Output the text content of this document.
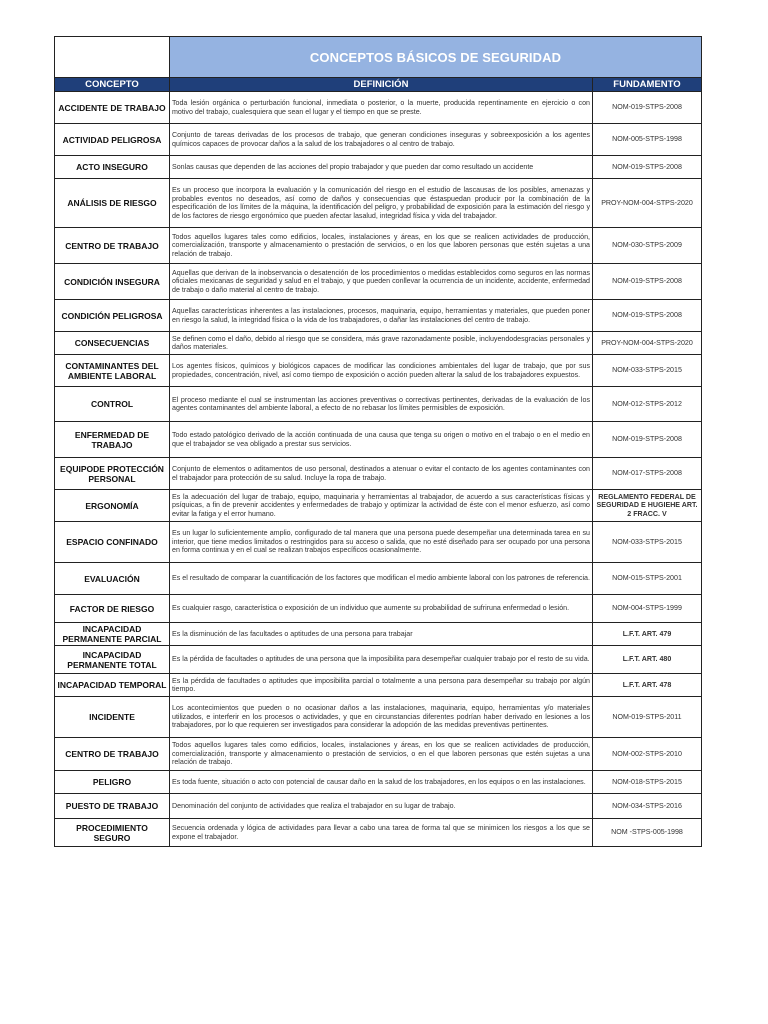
	CONCEPTOS BÁSICOS DE SEGURIDAD	
CONCEPTO	DEFINICIÓN	FUNDAMENTO
ACCIDENTE DE TRABAJO	Toda lesión orgánica o perturbación funcional, inmediata o posterior, o la muerte, producida repentinamente en ejercicio o con motivo del trabajo, cualesquiera que sean el lugar y el tiempo en que se preste.	NOM-019-STPS-2008
ACTIVIDAD PELIGROSA	Conjunto de tareas derivadas de los procesos de trabajo, que generan condiciones inseguras y sobreexposición a los agentes químicos capaces de provocar daños a la salud de los trabajadores o al centro de trabajo.	NOM-005-STPS-1998
ACTO INSEGURO	Sonlas causas que dependen de las acciones del propio trabajador y que pueden dar como resultado un accidente	NOM-019-STPS-2008
ANÁLISIS DE RIESGO	Es un proceso que incorpora la evaluación y la comunicación del riesgo en el estudio de lascausas de los posibles, amenazas y probables eventos no deseados, así como de daños y consecuencias que éstaspuedan producir por la combinación de la especificación de los límites de la máquina, la identificación del peligro, y probabilidad de exposición para la estimación del riesgo y de los factores de riesgo ergonómico que pueden afectar lasalud, integridad física y vida del trabajador.	PROY-NOM-004-STPS-2020
CENTRO DE TRABAJO	Todos aquellos lugares tales como edificios, locales, instalaciones y áreas, en los que se realicen actividades de producción, comercialización, transporte y almacenamiento o prestación de servicios, o en los que laboren personas que estén sujetas a una relación de trabajo.	NOM-030-STPS-2009
CONDICIÓN INSEGURA	Aquellas que derivan de la inobservancia o desatención de los procedimientos o medidas establecidos como seguros en las normas oficiales mexicanas de seguridad y salud en el trabajo, y que pueden conllevar la ocurrencia de un incidente, accidente, enfermedad de trabajo o daño material al centro de trabajo.	NOM-019-STPS-2008
CONDICIÓN PELIGROSA	Aquellas características inherentes a las instalaciones, procesos, maquinaria, equipo, herramientas y materiales, que pueden poner en riesgo la salud, la integridad física o la vida de los trabajadores, o dañar las instalaciones del centro de trabajo.	NOM-019-STPS-2008
CONSECUENCIAS	Se definen como el daño, debido al riesgo que se considera, más grave razonadamente posible, incluyendodesgracias personales y daños materiales.	PROY-NOM-004-STPS-2020
CONTAMINANTES DEL AMBIENTE LABORAL	Los agentes físicos, químicos y biológicos capaces de modificar las condiciones ambientales del lugar de trabajo, que por sus propiedades, concentración, nivel, así como tiempo de exposición o acción pueden alterar la salud de los trabajadores expuestos.	NOM-033-STPS-2015
CONTROL	El proceso mediante el cual se instrumentan las acciones preventivas o correctivas pertinentes, derivadas de la evaluación de los agentes contaminantes del ambiente laboral, a efecto de no rebasar los límites permisibles de exposición.	NOM-012-STPS-2012
ENFERMEDAD DE TRABAJO	Todo estado patológico derivado de la acción continuada de una causa que tenga su origen o motivo en el trabajo o en el medio en que el trabajador se vea obligado a prestar sus servicios.	NOM-019-STPS-2008
EQUIPODE PROTECCIÓN PERSONAL	Conjunto de elementos o aditamentos de uso personal, destinados a atenuar o evitar el contacto de los agentes contaminantes con el trabajador para protección de su salud. Incluye la ropa de trabajo.	NOM-017-STPS-2008
ERGONOMÍA	Es la adecuación del lugar de trabajo, equipo, maquinaria y herramientas al trabajador, de acuerdo a sus características físicas y psíquicas, a fin de prevenir accidentes y enfermedades de trabajo y optimizar la actividad de éste con el menor esfuerzo, así como evitar la fatiga y el error humano.	REGLAMENTO FEDERAL DE SEGURIDAD E HUGIEHE ART. 2 FRACC. V
ESPACIO CONFINADO	Es un lugar lo suficientemente amplio, configurado de tal manera que una persona puede desempeñar una determinada tarea en su interior, que tiene medios limitados o restringidos para su acceso o salida, que no esté diseñado para ser ocupado por una persona en forma continua y en el cual se realizan trabajos específicos ocasionalmente.	NOM-033-STPS-2015
EVALUACIÓN	Es el resultado de comparar la cuantificación de los factores que modifican el medio ambiente laboral con los patrones de referencia.	NOM-015-STPS-2001
FACTOR DE RIESGO	Es cualquier rasgo, característica o exposición de un individuo que aumente su probabilidad de sufriruna enfermedad o lesión.	NOM-004-STPS-1999
INCAPACIDAD PERMANENTE PARCIAL	Es la disminución de las facultades o aptitudes de una persona para trabajar	L.F.T. ART. 479
INCAPACIDAD PERMANENTE TOTAL	Es la pérdida de facultades o aptitudes de una persona que la imposibilita para desempeñar cualquier trabajo por el resto de su vida.	L.F.T. ART. 480
INCAPACIDAD TEMPORAL	Es la pérdida de facultades o aptitudes que imposibilita parcial o totalmente a una persona para desempeñar su trabajo por algún tiempo.	L.F.T. ART. 478
INCIDENTE	Los acontecimientos que pueden o no ocasionar daños a las instalaciones, maquinaria, equipo, herramientas y/o materiales utilizados, e interferir en los procesos o actividades, y que en circunstancias diferentes podrían haber derivado en lesiones a los trabajadores, por lo que requieren ser investigados para considerar la adopción de las medidas preventivas pertinentes.	NOM-019-STPS-2011
CENTRO DE TRABAJO	Todos aquellos lugares tales como edificios, locales, instalaciones y áreas, en los que se realicen actividades de producción, comercialización, transporte y almacenamiento o prestación de servicios, o en el que laboren personas que estén sujetas a una relación de trabajo.	NOM-002-STPS-2010
PELIGRO	Es toda fuente, situación o acto con potencial de causar daño en la salud de los trabajadores, en los equipos o en las instalaciones.	NOM-018-STPS-2015
PUESTO DE TRABAJO	Denominación del conjunto de actividades que realiza el trabajador en su lugar de trabajo.	NOM-034-STPS-2016
PROCEDIMIENTO SEGURO	Secuencia ordenada y lógica de actividades para llevar a cabo una tarea de forma tal que se minimicen los riesgos a los que se expone el trabajador.	NOM -STPS-005-1998
